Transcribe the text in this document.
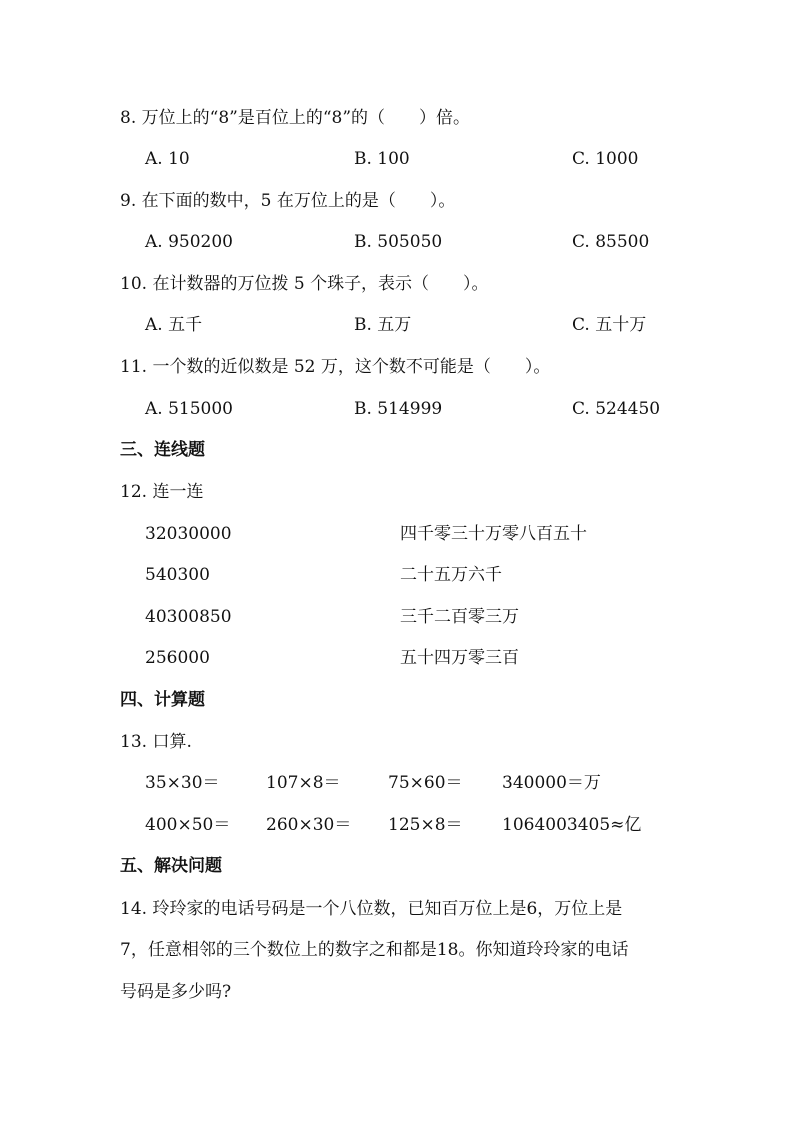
8. 万位上的“8”是百位上的“8”的（　　）倍。
A. 10	B. 100	C. 1000
9. 在下面的数中，5 在万位上的是（　　）。
A. 950200	B. 505050	C. 85500
10. 在计数器的万位拨 5 个珠子，表示（　　）。
A. 五千	B. 五万	C. 五十万
11. 一个数的近似数是 52 万，这个数不可能是（　　）。
A. 515000	B. 514999	C. 524450
三、连线题
12. 连一连
32030000	四千零三十万零八百五十
540300	二十五万六千
40300850	三千二百零三万
256000	五十四万零三百
四、计算题
13. 口算.
35×30＝	107×8＝	75×60＝ 340000＝万
400×50＝ 260×30＝ 125×8＝ 1064003405≈亿
五、解决问题
14. 玲玲家的电话号码是一个八位数，已知百万位上是6，万位上是
7，任意相邻的三个数位上的数字之和都是18。你知道玲玲家的电话
号码是多少吗?
